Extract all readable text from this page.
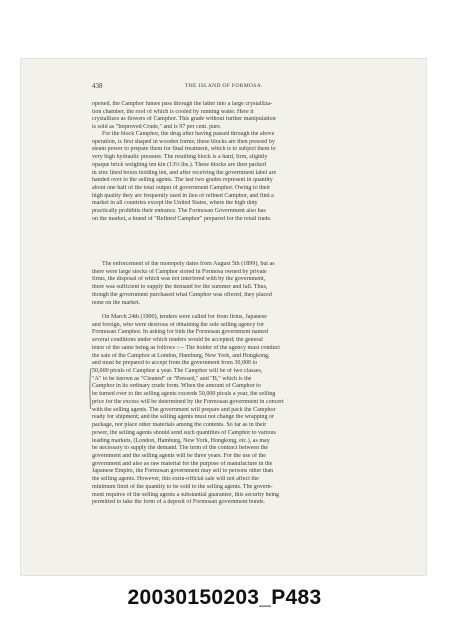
438	THE ISLAND OF FORMOSA.

opened, the Camphor fumes pass through the latter into a large crystalliza-

tion chamber, the roof of which is cooled by running water. Here it

crystallizes as flowers of Camphor. This grade without further manipulation

is sold as "Improved Crude," and is 97 per cent. pure.

For the block Camphor, the drug after having passed through the above

operation, is first shaped in wooden forms; these blocks are then pressed by

steam power to prepare them for final treatment, which is to subject them to

very high hydraulic pressure. The resulting block is a hard, firm, slightly

opaque brick weighing ten kin (13⅓ lbs.). These blocks are then packed

in zinc lined boxes holding ten, and after receiving the government label are

handed over to the selling agents. The last two grades represent in quantity

about one half of the total output of government Camphor. Owing to their

high quality they are frequently used in lieu of refined Camphor, and find a

market in all countries except the United States, where the high duty

practically prohibits their entrance. The Formosan Government also has

on the market, a brand of "Refined Camphor" prepared for the retail trade.

The enforcement of the monopoly dates from August 5th (1899), but as

there were large stocks of Camphor stored in Formosa owned by private

firms, the disposal of which was not interfered with by the government,

there was sufficient to supply the demand for the summer and fall. Thus,

though the government purchased what Camphor was offered, they placed

none on the market.

On March 24th (1900), tenders were called for from firms, Japanese

and foreign, who were desirous of obtaining the sole selling agency for

Formosan Camphor. In asking for bids the Formosan government named

several conditions under which tenders would be accepted; the general

tenor of the same being as follows :— The holder of the agency must conduct

the sale of the Camphor at London, Hamburg, New York, and Hongkong,

and must be prepared to accept from the government from 30,000 to

50,000 piculs of Camphor a year. The Camphor will be of two classes,

"A" to be known as "Cleaned" or "Pressed," and "B," which is the

Camphor in its ordinary crude form. When the amount of Camphor to

be turned over to the selling agents exceeds 50,000 piculs a year, the selling

price for the excess will be determined by the Formosan government in concert

with the selling agents. The government will prepare and pack the Camphor

ready for shipment; and the selling agents must not change the wrapping or

package, nor place other materials among the contents. So far as in their

power, the selling agents should send such quantities of Camphor to various

leading markets, (London, Hamburg, New York, Hongkong, etc.), as may

be necessary to supply the demand. The term of the contract between the

government and the selling agents will be three years. For the use of the

government and also as raw material for the purpose of manufacture in the

Japanese Empire, the Formosan government may sell to persons other than

the selling agents. However, this extra-official sale will not affect the

minimum limit of the quantity to be sold to the selling agents. The govern-

ment requires of the selling agents a substantial guarantee, this security being

permitted to take the form of a deposit of Formosan government bonds.

20030150203_P483
